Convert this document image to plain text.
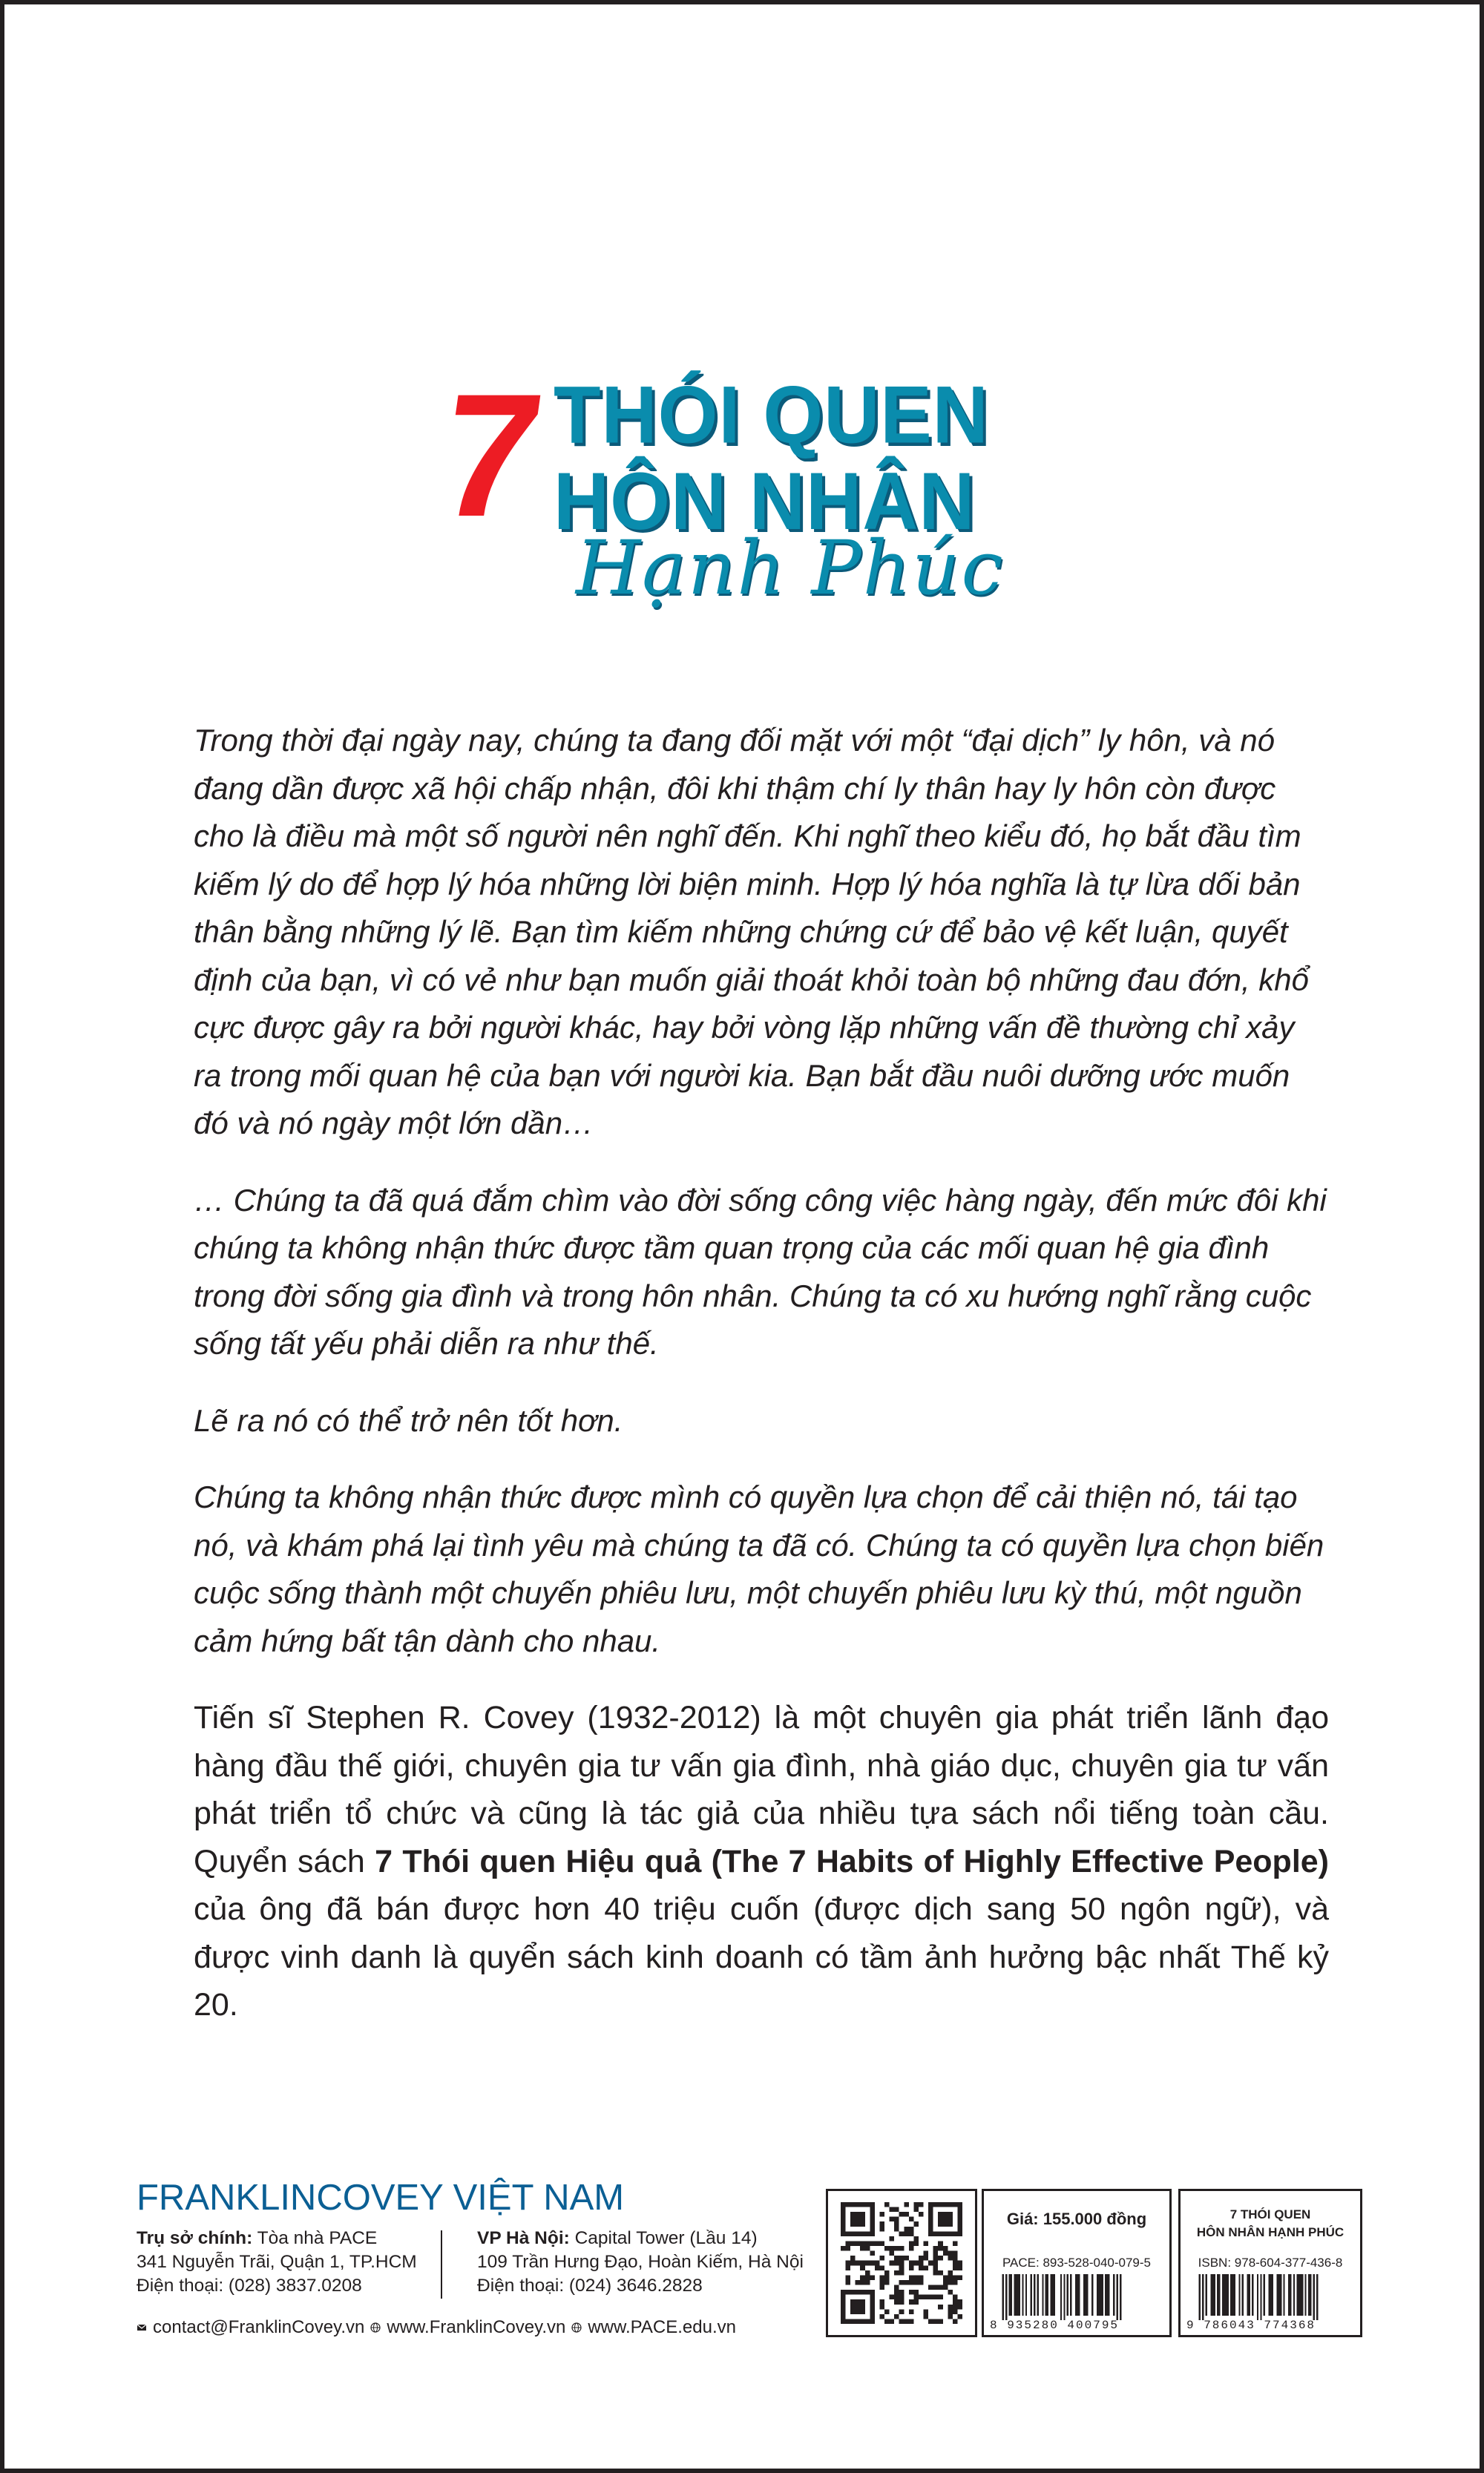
7 THÓI QUEN
HÔN NHÂN
Hạnh Phúc

Trong thời đại ngày nay, chúng ta đang đối mặt với một “đại dịch” ly hôn, và nó đang dần được xã hội chấp nhận, đôi khi thậm chí ly thân hay ly hôn còn được cho là điều mà một số người nên nghĩ đến. Khi nghĩ theo kiểu đó, họ bắt đầu tìm kiếm lý do để hợp lý hóa những lời biện minh. Hợp lý hóa nghĩa là tự lừa dối bản thân bằng những lý lẽ. Bạn tìm kiếm những chứng cứ để bảo vệ kết luận, quyết định của bạn, vì có vẻ như bạn muốn giải thoát khỏi toàn bộ những đau đớn, khổ cực được gây ra bởi người khác, hay bởi vòng lặp những vấn đề thường chỉ xảy ra trong mối quan hệ của bạn với người kia. Bạn bắt đầu nuôi dưỡng ước muốn đó và nó ngày một lớn dần…

… Chúng ta đã quá đắm chìm vào đời sống công việc hàng ngày, đến mức đôi khi chúng ta không nhận thức được tầm quan trọng của các mối quan hệ gia đình trong đời sống gia đình và trong hôn nhân. Chúng ta có xu hướng nghĩ rằng cuộc sống tất yếu phải diễn ra như thế.

Lẽ ra nó có thể trở nên tốt hơn.

Chúng ta không nhận thức được mình có quyền lựa chọn để cải thiện nó, tái tạo nó, và khám phá lại tình yêu mà chúng ta đã có. Chúng ta có quyền lựa chọn biến cuộc sống thành một chuyến phiêu lưu, một chuyến phiêu lưu kỳ thú, một nguồn cảm hứng bất tận dành cho nhau.

Tiến sĩ Stephen R. Covey (1932-2012) là một chuyên gia phát triển lãnh đạo hàng đầu thế giới, chuyên gia tư vấn gia đình, nhà giáo dục, chuyên gia tư vấn phát triển tổ chức và cũng là tác giả của nhiều tựa sách nổi tiếng toàn cầu. Quyển sách 7 Thói quen Hiệu quả (The 7 Habits of Highly Effective People) của ông đã bán được hơn 40 triệu cuốn (được dịch sang 50 ngôn ngữ), và được vinh danh là quyển sách kinh doanh có tầm ảnh hưởng bậc nhất Thế kỷ 20.

FRANKLINCOVEY VIỆT NAM
Trụ sở chính: Tòa nhà PACE
341 Nguyễn Trãi, Quận 1, TP.HCM
Điện thoại: (028) 3837.0208
VP Hà Nội: Capital Tower (Lầu 14)
109 Trần Hưng Đạo, Hoàn Kiếm, Hà Nội
Điện thoại: (024) 3646.2828
contact@FranklinCovey.vn www.FranklinCovey.vn www.PACE.edu.vn
Giá: 155.000 đồng
PACE: 893-528-040-079-5
8 935280 400795
7 THÓI QUEN
HÔN NHÂN HẠNH PHÚC
ISBN: 978-604-377-436-8
9 786043 774368
